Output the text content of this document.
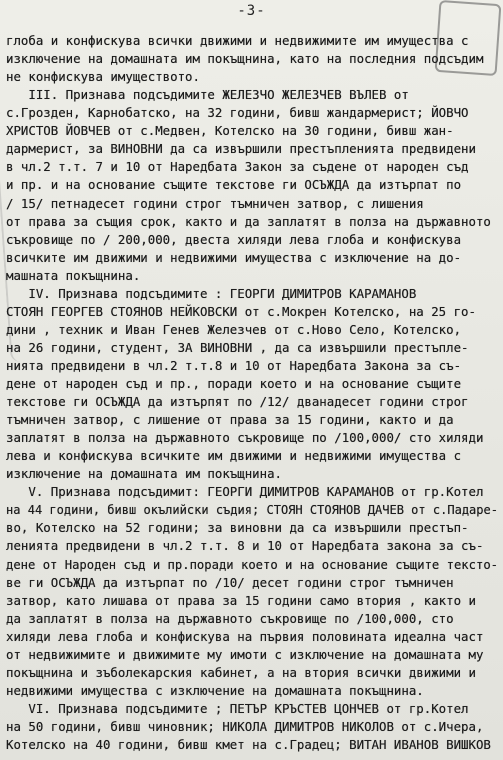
-3-
глоба и конфискува всички движими и недвижимите им имущества с
изключение на домашната им покъщнина, като на последния подсъдим
не конфискува имуществото.
III. Признава подсъдимите ЖЕЛЕЗЧО ЖЕЛЕЗЧЕВ ВЪЛЕВ от
с.Грозден, Карнобатско, на 32 години, бивш жандармерист; ЙОВЧО
ХРИСТОВ ЙОВЧЕВ от с.Медвен, Котелско на 30 години, бивш жан-
дармерист, за ВИНОВНИ да са извършили престъпленията предвидени
в чл.2 т.т. 7 и 10 от Наредбата Закон за съдене от народен съд
и пр. и на основание същите текстове ги ОСЪЖДА да изтърпат по
/ 15/ петнадесет години строг тъмничен затвор, с лишения
от права за същия срок, както и да заплатят в полза на държавното
съкровище по / 200,000, двеста хиляди лева глоба и конфискува
всичките им движими и недвижими имущества с изключение на до-
машната покъщнина.
IV. Признава подсъдимите : ГЕОРГИ ДИМИТРОВ КАРАМАНОВ
СТОЯН ГЕОРГЕВ СТОЯНОВ НЕЙКОВСКИ от с.Мокрен Котелско, на 25 го-
дини , техник и Иван Генев Железчев от с.Ново Село, Котелско,
на 26 години, студент, ЗА ВИНОВНИ , да са извършили престъпле-
нията предвидени в чл.2 т.т.8 и 10 от Наредбата Закона за съ-
дене от народен съд и пр., поради което и на основание същите
текстове ги ОСЪЖДА да изтърпят по /12/ дванадесет години строг
тъмничен затвор, с лишение от права за 15 години, както и да
заплатят в полза на държавното съкровище по /100,000/ сто хиляди
лева и конфискува всичките им движими и недвижими имущества с
изключение на домашната им покъщнина.
V. Признава подсъдимит: ГЕОРГИ ДИМИТРОВ КАРАМАНОВ от гр.Котел
на 44 години, бивш окълийски съдия; СТОЯН СТОЯНОВ ДАЧЕВ от с.Падаре-
во, Котелско на 52 години; за виновни да са извършили престъп-
ленията предвидени в чл.2 т.т. 8 и 10 от Наредбата закона за съ-
дене от Народен съд и пр.поради което и на основание същите тексто-
ве ги ОСЪЖДА да изтърпат по /10/ десет години строг тъмничен
затвор, като лишава от права за 15 години само втория , както и
да заплатят в полза на държавното съкровище по /100,000, сто
хиляди лева глоба и конфискува на първия половината идеална част
от недвижимите и движимите му имоти с изключение на домашната му
покъщнина и зъболекарския кабинет, а на втория всички движими и
недвижими имущества с изключение на домашната покъщнина.
VI. Признава подсъдимите ; ПЕТЪР КРЪСТЕВ ЦОНЧЕВ от гр.Котел
на 50 години, бивш чиновник; НИКОЛА ДИМИТРОВ НИКОЛОВ от с.Ичера,
Котелско на 40 години, бивш кмет на с.Градец; ВИТАН ИВАНОВ ВИШКОВ
